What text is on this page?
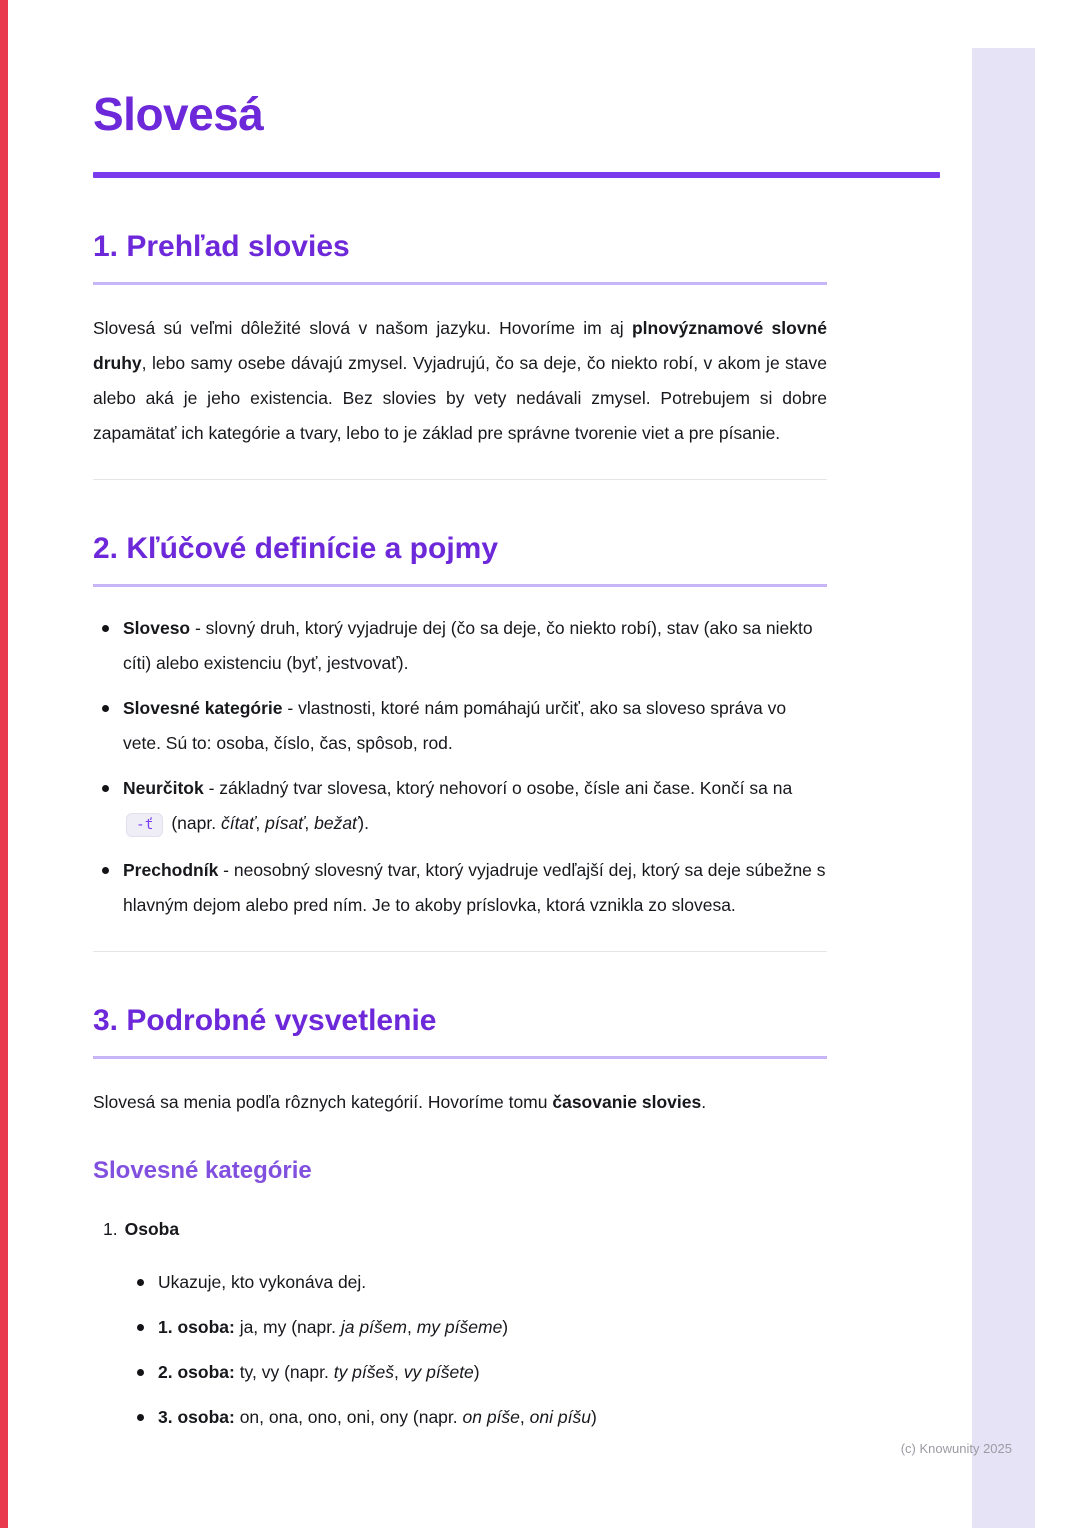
Slovesá
1. Prehľad slovies

Slovesá sú veľmi dôležité slová v našom jazyku. Hovoríme im aj plnovýznamové slovné druhy, lebo samy osebe dávajú zmysel. Vyjadrujú, čo sa deje, čo niekto robí, v akom je stave alebo aká je jeho existencia. Bez slovies by vety nedávali zmysel. Potrebujem si dobre zapamätať ich kategórie a tvary, lebo to je základ pre správne tvorenie viet a pre písanie.

2. Kľúčové definície a pojmy
Sloveso - slovný druh, ktorý vyjadruje dej (čo sa deje, čo niekto robí), stav (ako sa niekto cíti) alebo existenciu (byť, jestvovať).
Slovesné kategórie - vlastnosti, ktoré nám pomáhajú určiť, ako sa sloveso správa vo vete. Sú to: osoba, číslo, čas, spôsob, rod.
Neurčitok - základný tvar slovesa, ktorý nehovorí o osobe, čísle ani čase. Končí sa na -ť (napr. čítať, písať, bežať).
Prechodník - neosobný slovesný tvar, ktorý vyjadruje vedľajší dej, ktorý sa deje súbežne s hlavným dejom alebo pred ním. Je to akoby príslovka, ktorá vznikla zo slovesa.
3. Podrobné vysvetlenie

Slovesá sa menia podľa rôznych kategórií. Hovoríme tomu časovanie slovies.

Slovesné kategórie
1. Osoba
Ukazuje, kto vykonáva dej.
1. osoba: ja, my (napr. ja píšem, my píšeme)
2. osoba: ty, vy (napr. ty píšeš, vy píšete)
3. osoba: on, ona, ono, oni, ony (napr. on píše, oni píšu)
(c) Knowunity 2025
